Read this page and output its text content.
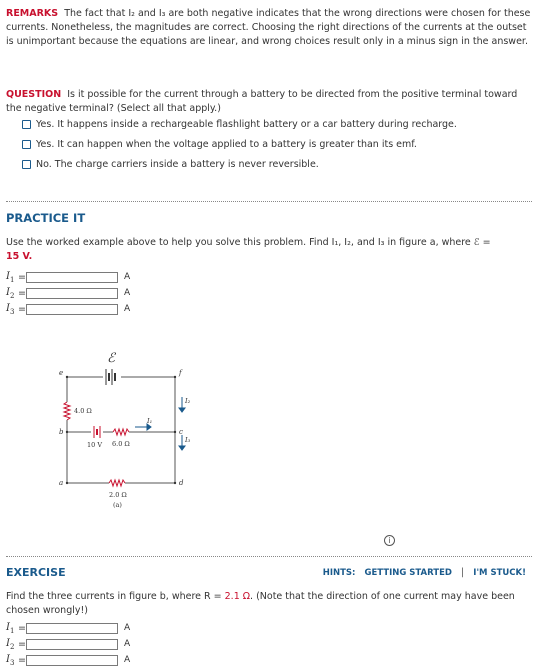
REMARKS The fact that I₂ and I₃ are both negative indicates that the wrong directions were chosen for these currents. Nonetheless, the magnitudes are correct. Choosing the right directions of the currents at the outset is unimportant because the equations are linear, and wrong choices result only in a minus sign in the answer.
QUESTION Is it possible for the current through a battery to be directed from the positive terminal toward the negative terminal? (Select all that apply.)
Yes. It happens inside a rechargeable flashlight battery or a car battery during recharge.
Yes. It can happen when the voltage applied to a battery is greater than its emf.
No. The charge carriers inside a battery is never reversible.
PRACTICE IT
Use the worked example above to help you solve this problem. Find I₁, I₂, and I₃ in figure a, where ℰ =
15 V.
$I_1$ =	A
$I_2$ =	A
$I_3$ =	A
ℰ
e	f
b	c
a	d
I₁
I₂
I₃
4.0 Ω
10 V 6.0 Ω
2.0 Ω
(a)
i
EXERCISE	HINTS: GETTING STARTED | I'M STUCK!
Find the three currents in figure b, where R = 2.1 Ω. (Note that the direction of one current may have been chosen wrongly!)
$I_1$ =	A
$I_2$ =	A
$I_3$ =	A
